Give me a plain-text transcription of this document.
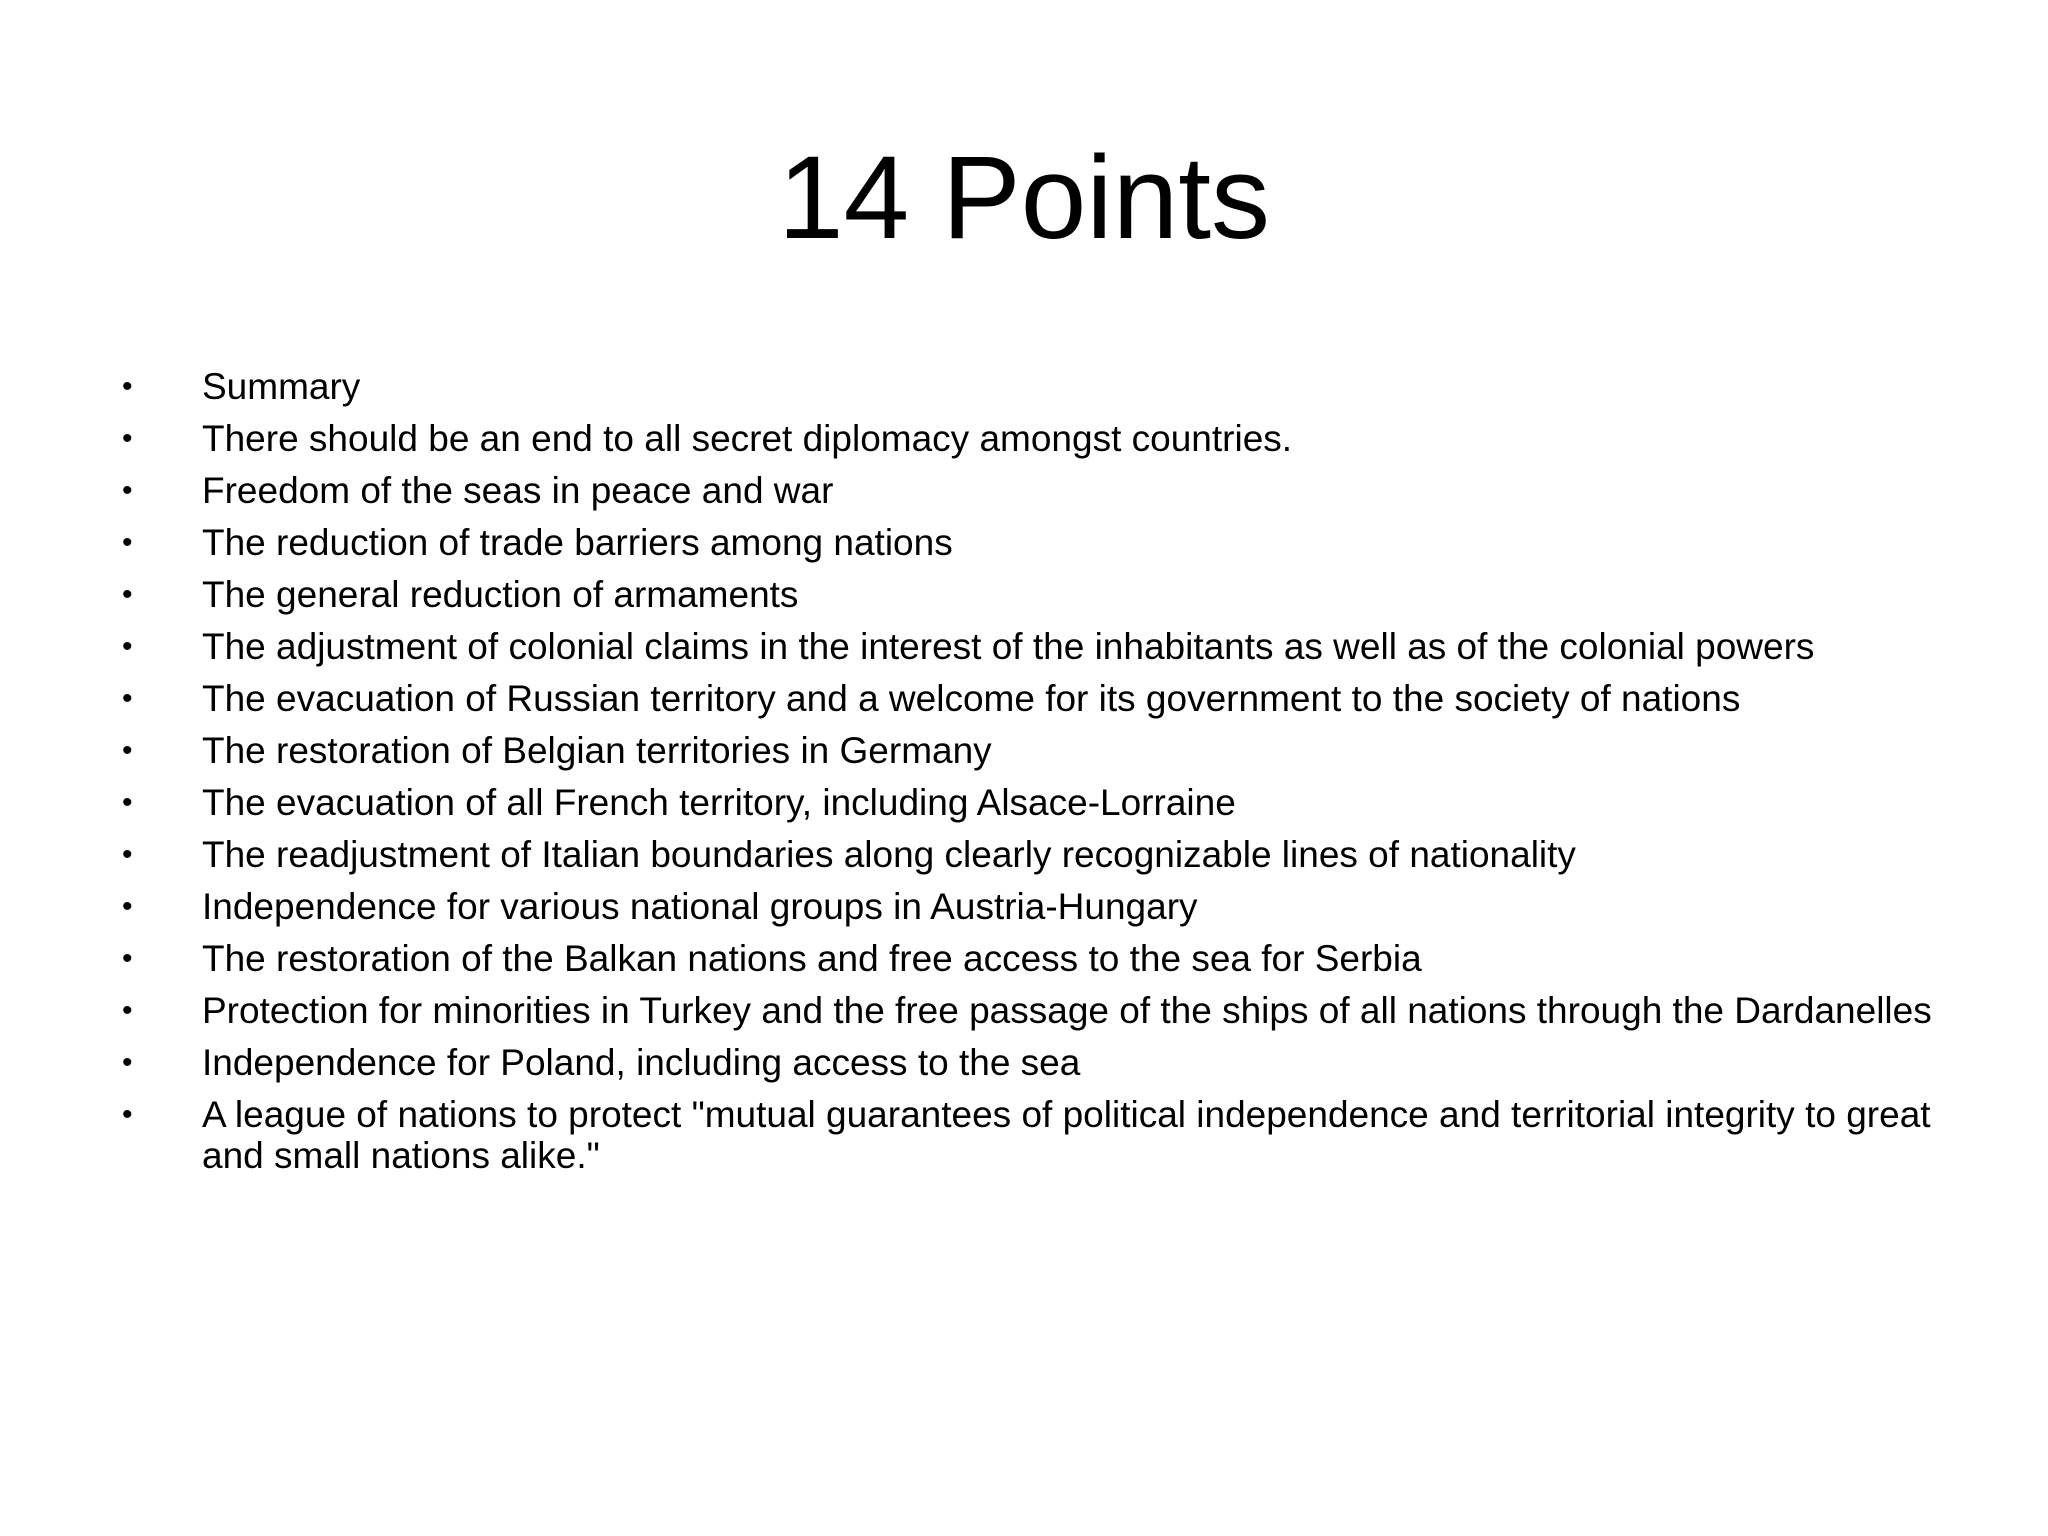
14 Points
•	Summary
•	There should be an end to all secret diplomacy amongst countries.
•	Freedom of the seas in peace and war
•	The reduction of trade barriers among nations
•	The general reduction of armaments
•	The adjustment of colonial claims in the interest of the inhabitants as well as of the colonial powers
•	The evacuation of Russian territory and a welcome for its government to the society of nations
•	The restoration of Belgian territories in Germany
•	The evacuation of all French territory, including Alsace-Lorraine
•	The readjustment of Italian boundaries along clearly recognizable lines of nationality
•	Independence for various national groups in Austria-Hungary
•	The restoration of the Balkan nations and free access to the sea for Serbia
•	Protection for minorities in Turkey and the free passage of the ships of all nations through the Dardanelles
•	Independence for Poland, including access to the sea
•	A league of nations to protect "mutual guarantees of political independence and territorial integrity to great and small nations alike."
